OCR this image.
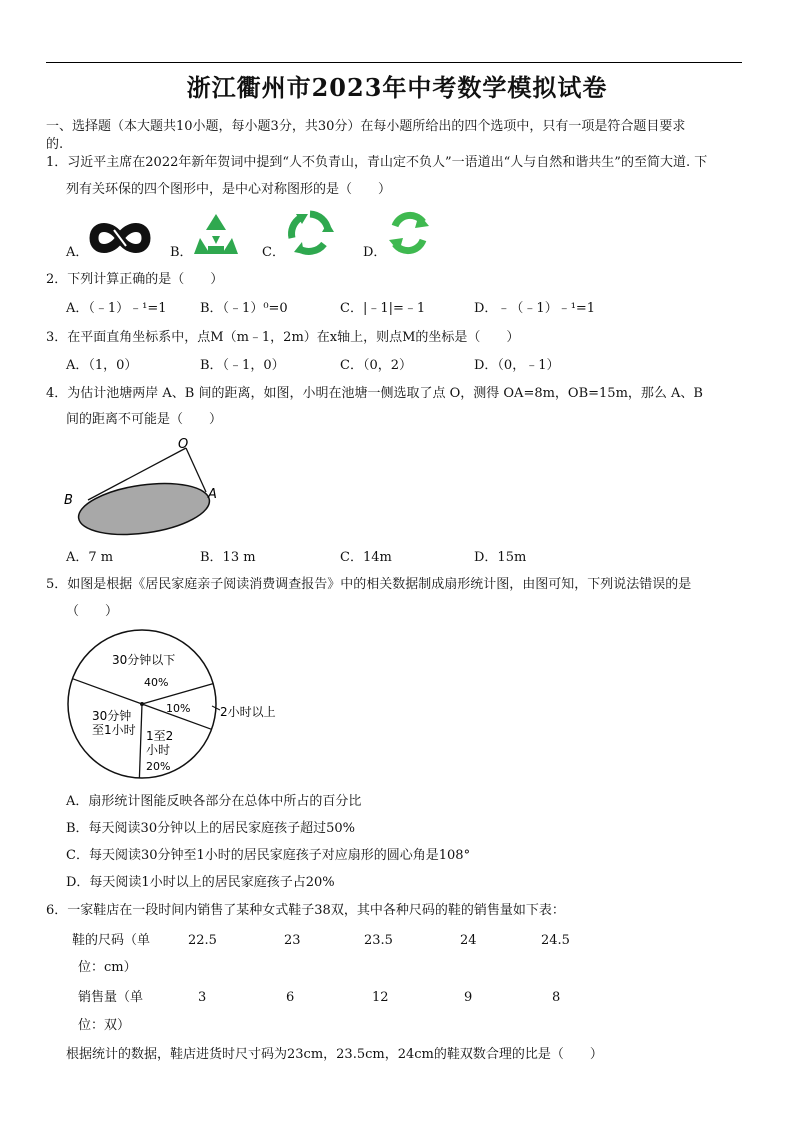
浙江衢州市2023年中考数学模拟试卷
一、选择题（本大题共10小题，每小题3分，共30分）在每小题所给出的四个选项中，只有一项是符合题目要求
的.
1．习近平主席在2022年新年贺词中提到“人不负青山，青山定不负人”一语道出“人与自然和谐共生”的至简大道. 下
列有关环保的四个图形中，是中心对称图形的是（　　）
A．	B．	C．	D．
2．下列计算正确的是（　　）
A．（﹣1）﹣¹=1	B．（﹣1）⁰=0	C．|﹣1|=﹣1	D．﹣（﹣1）﹣¹=1
3．在平面直角坐标系中，点M（m﹣1，2m）在x轴上，则点M的坐标是（　　）
A．（1，0）	B．（﹣1，0）	C．（0，2）	D．（0，﹣1）
4．为估计池塘两岸 A、B 间的距离，如图，小明在池塘一侧选取了点 O，测得 OA=8m，OB=15m，那么 A、B
间的距离不可能是（　　）
O
A
B
A．7 m	B．13 m	C．14m	D．15m
5．如图是根据《居民家庭亲子阅读消费调查报告》中的相关数据制成扇形统计图，由图可知，下列说法错误的是
（　　）
30分钟以下
40%
10% 2小时以上
1至2
小时
20%
30分钟
至1小时
A．扇形统计图能反映各部分在总体中所占的百分比
B．每天阅读30分钟以上的居民家庭孩子超过50%
C．每天阅读30分钟至1小时的居民家庭孩子对应扇形的圆心角是108°
D．每天阅读1小时以上的居民家庭孩子占20%
6．一家鞋店在一段时间内销售了某种女式鞋子38双，其中各种尺码的鞋的销售量如下表：
鞋的尺码（单
位：cm）
22.5	23	23.5	24	24.5
销售量（单
位：双）
3	6	12	9	8
根据统计的数据，鞋店进货时尺寸码为23cm，23.5cm，24cm的鞋双数合理的比是（　　）
